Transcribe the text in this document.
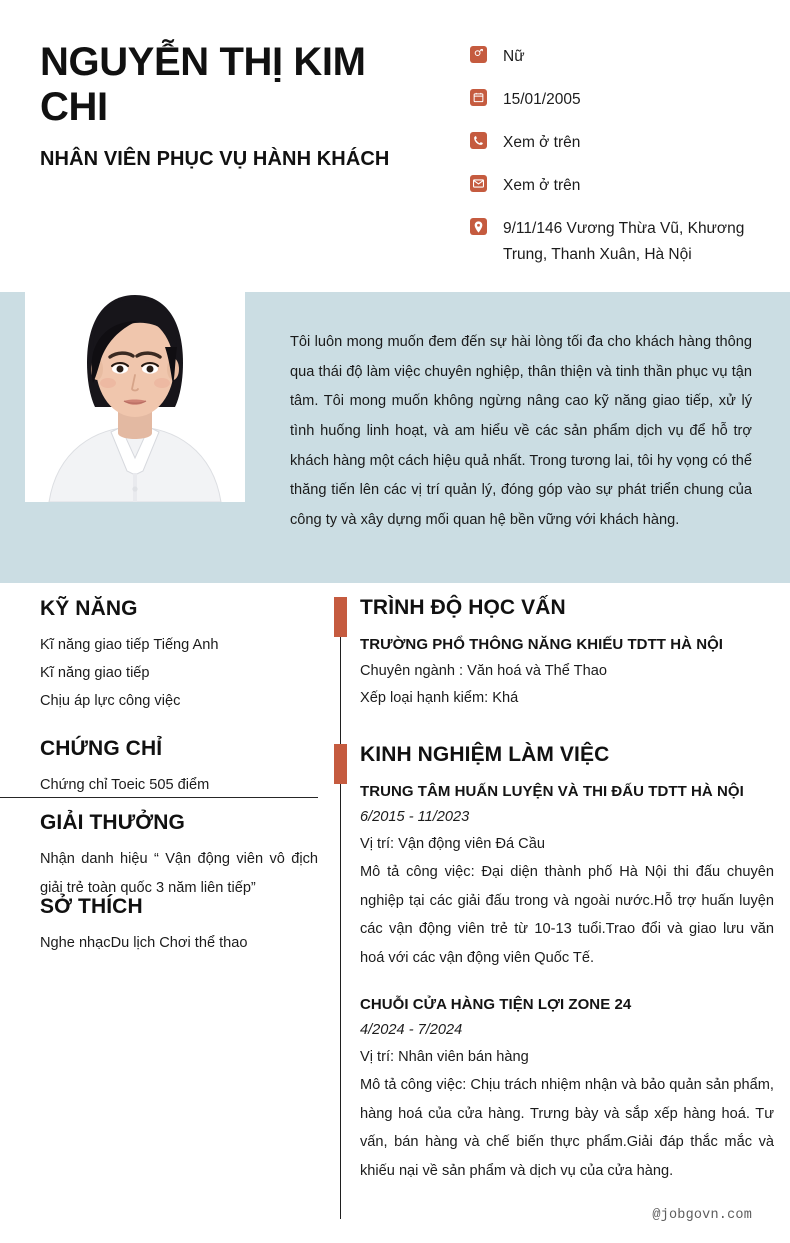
NGUYỄN THỊ KIM CHI
NHÂN VIÊN PHỤC VỤ HÀNH KHÁCH
Nữ
15/01/2005
Xem ở trên
Xem ở trên
9/11/146 Vương Thừa Vũ, Khương Trung, Thanh Xuân, Hà Nội
Tôi luôn mong muốn đem đến sự hài lòng tối đa cho khách hàng thông qua thái độ làm việc chuyên nghiệp, thân thiện và tinh thần phục vụ tận tâm. Tôi mong muốn không ngừng nâng cao kỹ năng giao tiếp, xử lý tình huống linh hoạt, và am hiểu về các sản phẩm dịch vụ để hỗ trợ khách hàng một cách hiệu quả nhất. Trong tương lai, tôi hy vọng có thể thăng tiến lên các vị trí quản lý, đóng góp vào sự phát triển chung của công ty và xây dựng mối quan hệ bền vững với khách hàng.
KỸ NĂNG
Kĩ năng giao tiếp Tiếng Anh
Kĩ năng giao tiếp
Chịu áp lực công việc
CHỨNG CHỈ
Chứng chỉ Toeic 505 điểm
GIẢI THƯỞNG
Nhận danh hiệu “ Vận động viên vô địch giải trẻ toàn quốc 3 năm liên tiếp”
SỞ THÍCH
Nghe nhạcDu lịch Chơi thể thao
TRÌNH ĐỘ HỌC VẤN
TRƯỜNG PHỔ THÔNG NĂNG KHIẾU TDTT HÀ NỘI
Chuyên ngành : Văn hoá và Thể Thao
Xếp loại hạnh kiểm: Khá
KINH NGHIỆM LÀM VIỆC
TRUNG TÂM HUẤN LUYỆN VÀ THI ĐẤU TDTT HÀ NỘI
6/2015 - 11/2023
Vị trí: Vận động viên Đá Cầu
Mô tả công việc: Đại diện thành phố Hà Nội thi đấu chuyên nghiệp tại các giải đấu trong và ngoài nước.Hỗ trợ huấn luyện các vận động viên trẻ từ 10-13 tuổi.Trao đổi và giao lưu văn hoá với các vận động viên Quốc Tế.
CHUỖI CỬA HÀNG TIỆN LỢI ZONE 24
4/2024 - 7/2024
Vị trí: Nhân viên bán hàng
Mô tả công việc: Chịu trách nhiệm nhận và bảo quản sản phẩm, hàng hoá của cửa hàng. Trưng bày và sắp xếp hàng hoá. Tư vấn, bán hàng và chế biến thực phẩm.Giải đáp thắc mắc và khiếu nại về sản phẩm và dịch vụ của cửa hàng.
@jobgovn.com
